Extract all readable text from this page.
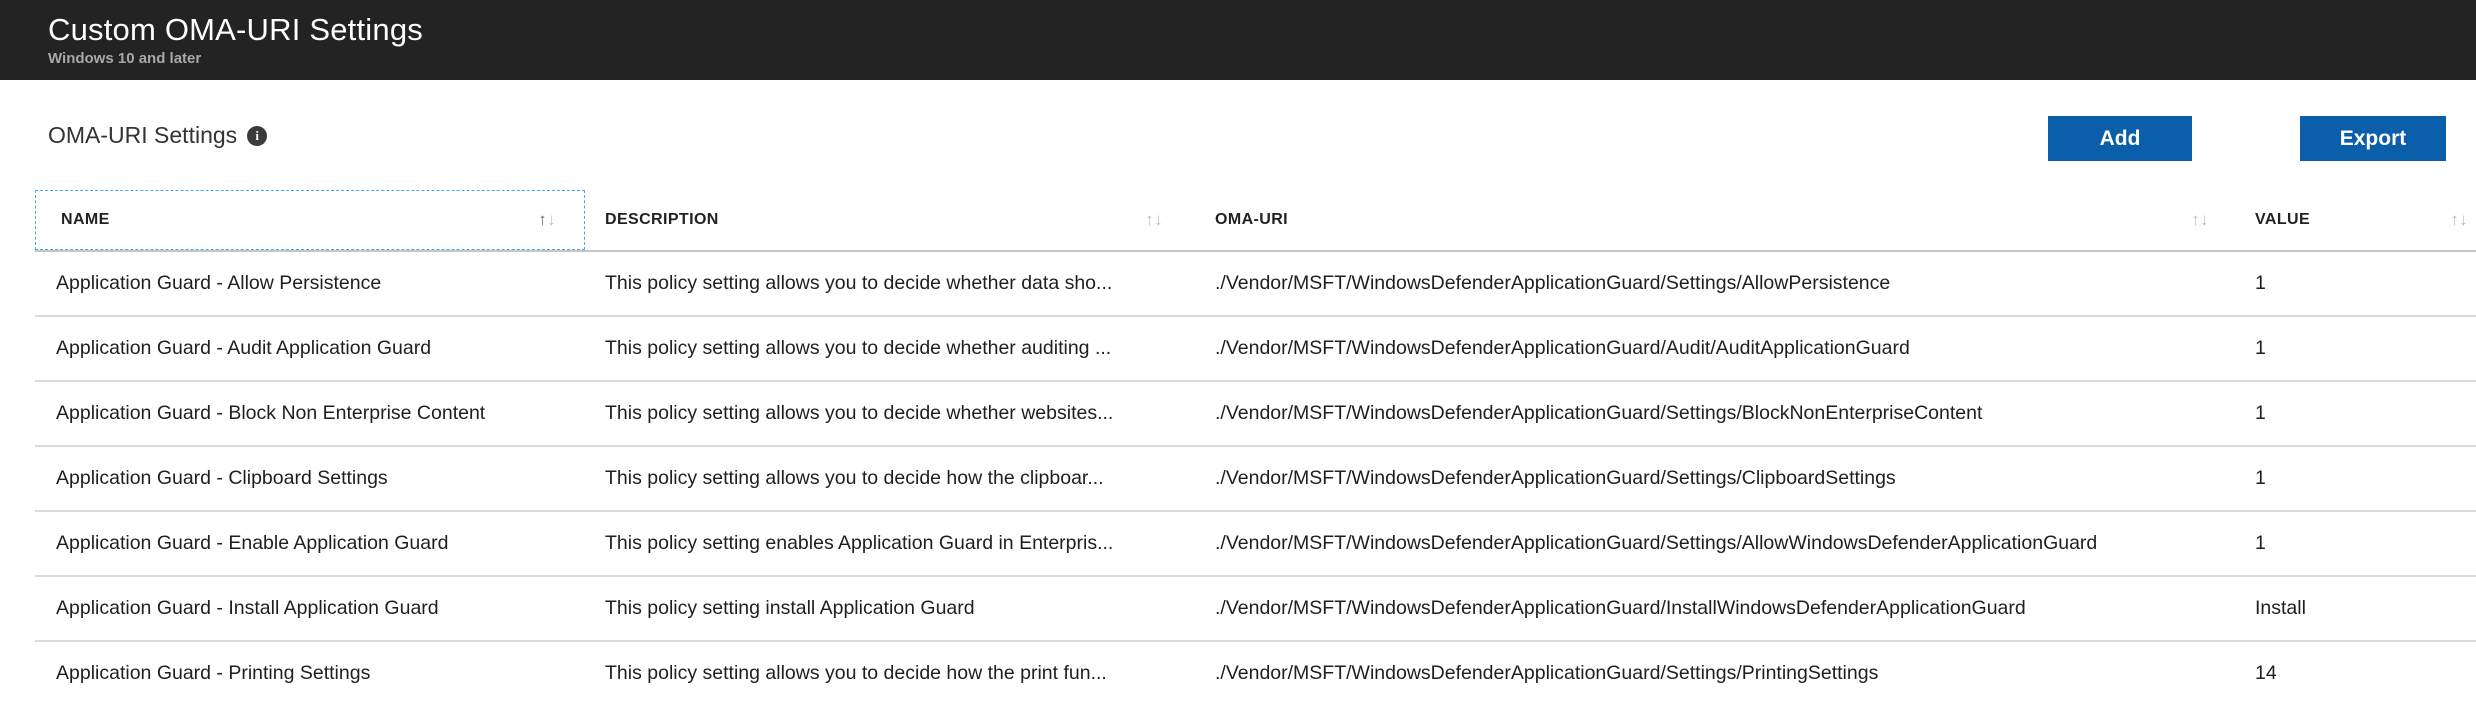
Custom OMA-URI Settings
Windows 10 and later
OMA-URI Settings	i	Add	Export
NAME	↑↓	DESCRIPTION	↑↓	OMA-URI	↑↓	VALUE	↑↓
Application Guard - Allow Persistence	This policy setting allows you to decide whether data sho...	./Vendor/MSFT/WindowsDefenderApplicationGuard/Settings/AllowPersistence	1
Application Guard - Audit Application Guard	This policy setting allows you to decide whether auditing ...	./Vendor/MSFT/WindowsDefenderApplicationGuard/Audit/AuditApplicationGuard	1
Application Guard - Block Non Enterprise Content	This policy setting allows you to decide whether websites...	./Vendor/MSFT/WindowsDefenderApplicationGuard/Settings/BlockNonEnterpriseContent	1
Application Guard - Clipboard Settings	This policy setting allows you to decide how the clipboar...	./Vendor/MSFT/WindowsDefenderApplicationGuard/Settings/ClipboardSettings	1
Application Guard - Enable Application Guard	This policy setting enables Application Guard in Enterpris...	./Vendor/MSFT/WindowsDefenderApplicationGuard/Settings/AllowWindowsDefenderApplicationGuard	1
Application Guard - Install Application Guard	This policy setting install Application Guard	./Vendor/MSFT/WindowsDefenderApplicationGuard/InstallWindowsDefenderApplicationGuard	Install
Application Guard - Printing Settings	This policy setting allows you to decide how the print fun...	./Vendor/MSFT/WindowsDefenderApplicationGuard/Settings/PrintingSettings	14
